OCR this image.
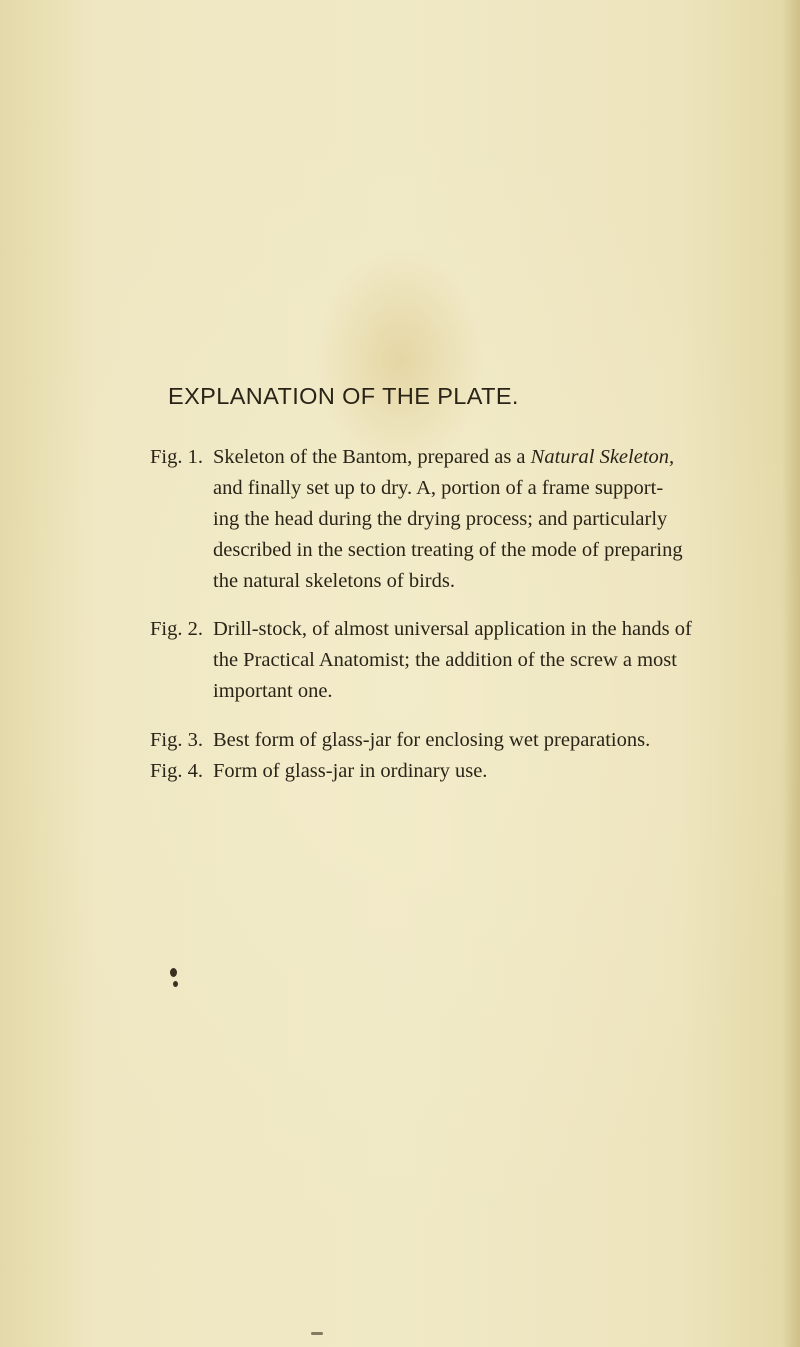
EXPLANATION OF THE PLATE.
Fig. 1. Skeleton of the Bantom, prepared as a Natural Skeleton,
and finally set up to dry. A, portion of a frame support-
ing the head during the drying process; and particularly
described in the section treating of the mode of preparing
the natural skeletons of birds.
Fig. 2. Drill-stock, of almost universal application in the hands of
the Practical Anatomist; the addition of the screw a most
important one.
Fig. 3. Best form of glass-jar for enclosing wet preparations.
Fig. 4. Form of glass-jar in ordinary use.
